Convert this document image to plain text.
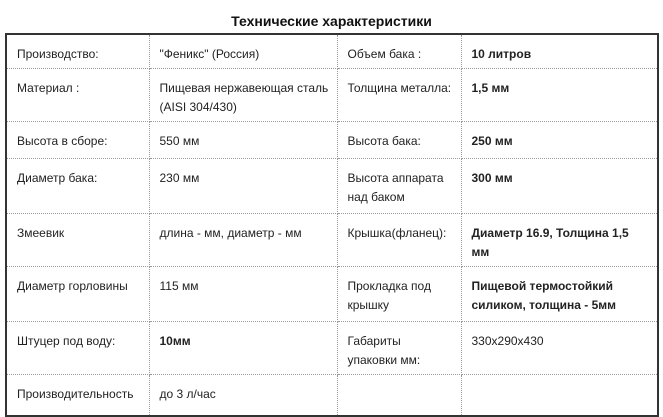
Технические характеристики
Производство:	"Феникс" (Россия)	Объем бака :	10 литров
Материал :	Пищевая нержавеющая сталь (AISI 304/430)	Толщина металла:	1,5 мм
Высота в сборе:	550 мм	Высота бака:	250 мм
Диаметр бака:	230 мм	Высота аппарата над баком	300 мм
Змеевик	длина - мм, диаметр - мм	Крышка(фланец):	Диаметр 16.9, Толщина 1,5 мм
Диаметр горловины	115 мм	Прокладка под крышку	Пищевой термостойкий силиком, толщина - 5мм
Штуцер под воду:	10мм	Габариты упаковки мм:	330х290х430
Производительность	до 3 л/час		
